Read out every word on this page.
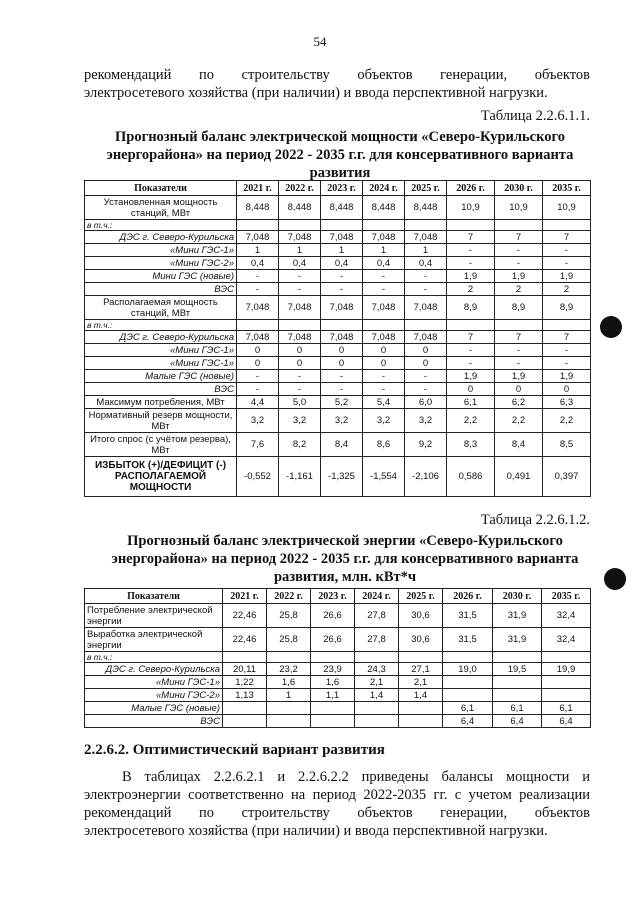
54
рекомендаций по строительству объектов генерации, объектов
электросетевого хозяйства (при наличии) и ввода перспективной нагрузки.
Таблица 2.2.6.1.1.
Прогнозный баланс электрической мощности «Северо-Курильского энергорайона» на период 2022 - 2035 г.г. для консервативного варианта развития
Показатели	2021 г.	2022 г.	2023 г.	2024 г.	2025 г.	2026 г.	2030 г.	2035 г.
Установленная мощность станций, МВт	8,448	8,448	8,448	8,448	8,448	10,9	10,9	10,9
в т.ч.:								
ДЭС г. Северо-Курильска	7,048	7,048	7,048	7,048	7,048	7	7	7
«Мини ГЭС-1»	1	1	1	1	1	-	-	-
«Мини ГЭС-2»	0,4	0,4	0,4	0,4	0,4	-	-	-
Мини ГЭС (новые)	-	-	-	-	-	1,9	1,9	1,9
ВЭС	-	-	-	-	-	2	2	2
Располагаемая мощность станций, МВт	7,048	7,048	7,048	7,048	7,048	8,9	8,9	8,9
в т.ч.:								
ДЭС г. Северо-Курильска	7,048	7,048	7,048	7,048	7,048	7	7	7
«Мини ГЭС-1»	0	0	0	0	0	-	-	-
«Мини ГЭС-1»	0	0	0	0	0	-	-	-
Малые ГЭС (новые)	-	-	-	-	-	1,9	1,9	1,9
ВЭС	-	-	-	-	-	0	0	0
Максимум потребления, МВт	4,4	5,0	5,2	5,4	6,0	6,1	6,2	6,3
Нормативный резерв мощности, МВт	3,2	3,2	3,2	3,2	3,2	2,2	2,2	2,2
Итого спрос (с учётом резерва), МВт	7,6	8,2	8,4	8,6	9,2	8,3	8,4	8,5
ИЗБЫТОК (+)/ДЕФИЦИТ (-) РАСПОЛАГАЕМОЙ МОЩНОСТИ	-0,552	-1,161	-1,325	-1,554	-2,106	0,586	0,491	0,397
Таблица 2.2.6.1.2.
Прогнозный баланс электрической энергии «Северо-Курильского энергорайона» на период 2022 - 2035 г.г. для консервативного варианта развития, млн. кВт*ч
Показатели	2021 г.	2022 г.	2023 г.	2024 г.	2025 г.	2026 г.	2030 г.	2035 г.
Потребление электрической энергии	22,46	25,8	26,6	27,8	30,6	31,5	31,9	32,4
Выработка электрической энергии	22,46	25,8	26,6	27,8	30,6	31,5	31,9	32,4
в т.ч.:								
ДЭС г. Северо-Курильска	20,11	23,2	23,9	24,3	27,1	19,0	19,5	19,9
«Мини ГЭС-1»	1,22	1,6	1,6	2,1	2,1			
«Мини ГЭС-2»	1,13	1	1,1	1,4	1,4			
Малые ГЭС (новые)						6,1	6,1	6,1
ВЭС						6,4	6,4	6,4
2.2.6.2. Оптимистический вариант развития
В таблицах 2.2.6.2.1 и 2.2.6.2.2 приведены балансы мощности и
электроэнергии соответственно на период 2022-2035 гг. с учетом реализации
рекомендаций по строительству объектов генерации, объектов
электросетевого хозяйства (при наличии) и ввода перспективной нагрузки.
